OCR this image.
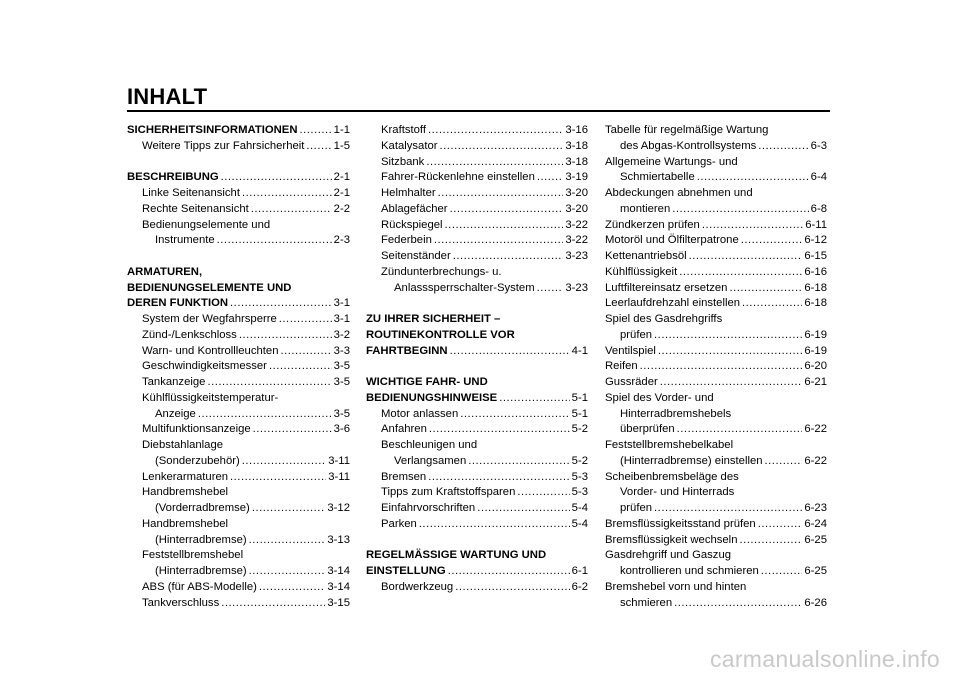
INHALT
SICHERHEITSINFORMATIONEN .....	1-1
Weitere Tipps zur Fahrsicherheit .....	1-5
BESCHREIBUNG .....	2-1
Linke Seitenansicht .....	2-1
Rechte Seitenansicht .....	2-2
Bedienungselemente und
Instrumente .....	2-3
ARMATUREN,
BEDIENUNGSELEMENTE UND
DEREN FUNKTION .....	3-1
System der Wegfahrsperre .....	3-1
Zünd-/Lenkschloss .....	3-2
Warn- und Kontrollleuchten .....	3-3
Geschwindigkeitsmesser .....	3-5
Tankanzeige .....	3-5
Kühlflüssigkeitstemperatur-
Anzeige .....	3-5
Multifunktionsanzeige .....	3-6
Diebstahlanlage
(Sonderzubehör) .....	3-11
Lenkerarmaturen .....	3-11
Handbremshebel
(Vorderradbremse) .....	3-12
Handbremshebel
(Hinterradbremse) .....	3-13
Feststellbremshebel
(Hinterradbremse) .....	3-14
ABS (für ABS-Modelle) .....	3-14
Tankverschluss .....	3-15
Kraftstoff .....	3-16
Katalysator .....	3-18
Sitzbank .....	3-18
Fahrer-Rückenlehne einstellen .....	3-19
Helmhalter .....	3-20
Ablagefächer .....	3-20
Rückspiegel .....	3-22
Federbein .....	3-22
Seitenständer .....	3-23
Zündunterbrechungs- u.
Anlasssperrschalter-System .....	3-23
ZU IHRER SICHERHEIT –
ROUTINEKONTROLLE VOR
FAHRTBEGINN .....	4-1
WICHTIGE FAHR- UND
BEDIENUNGSHINWEISE .....	5-1
Motor anlassen .....	5-1
Anfahren .....	5-2
Beschleunigen und
Verlangsamen .....	5-2
Bremsen .....	5-3
Tipps zum Kraftstoffsparen .....	5-3
Einfahrvorschriften .....	5-4
Parken .....	5-4
REGELMÄSSIGE WARTUNG UND
EINSTELLUNG .....	6-1
Bordwerkzeug .....	6-2
Tabelle für regelmäßige Wartung
des Abgas-Kontrollsystems .....	6-3
Allgemeine Wartungs- und
Schmiertabelle .....	6-4
Abdeckungen abnehmen und
montieren .....	6-8
Zündkerzen prüfen .....	6-11
Motoröl und Ölfilterpatrone .....	6-12
Kettenantriebsöl .....	6-15
Kühlflüssigkeit .....	6-16
Luftfiltereinsatz ersetzen .....	6-18
Leerlaufdrehzahl einstellen .....	6-18
Spiel des Gasdrehgriffs
prüfen .....	6-19
Ventilspiel .....	6-19
Reifen .....	6-20
Gussräder .....	6-21
Spiel des Vorder- und
Hinterradbremshebels
überprüfen .....	6-22
Feststellbremshebelkabel
(Hinterradbremse) einstellen .....	6-22
Scheibenbremsbeläge des
Vorder- und Hinterrads
prüfen .....	6-23
Bremsflüssigkeitsstand prüfen .....	6-24
Bremsflüssigkeit wechseln .....	6-25
Gasdrehgriff und Gaszug
kontrollieren und schmieren .....	6-25
Bremshebel vorn und hinten
schmieren .....	6-26
carmanualsonline.info
